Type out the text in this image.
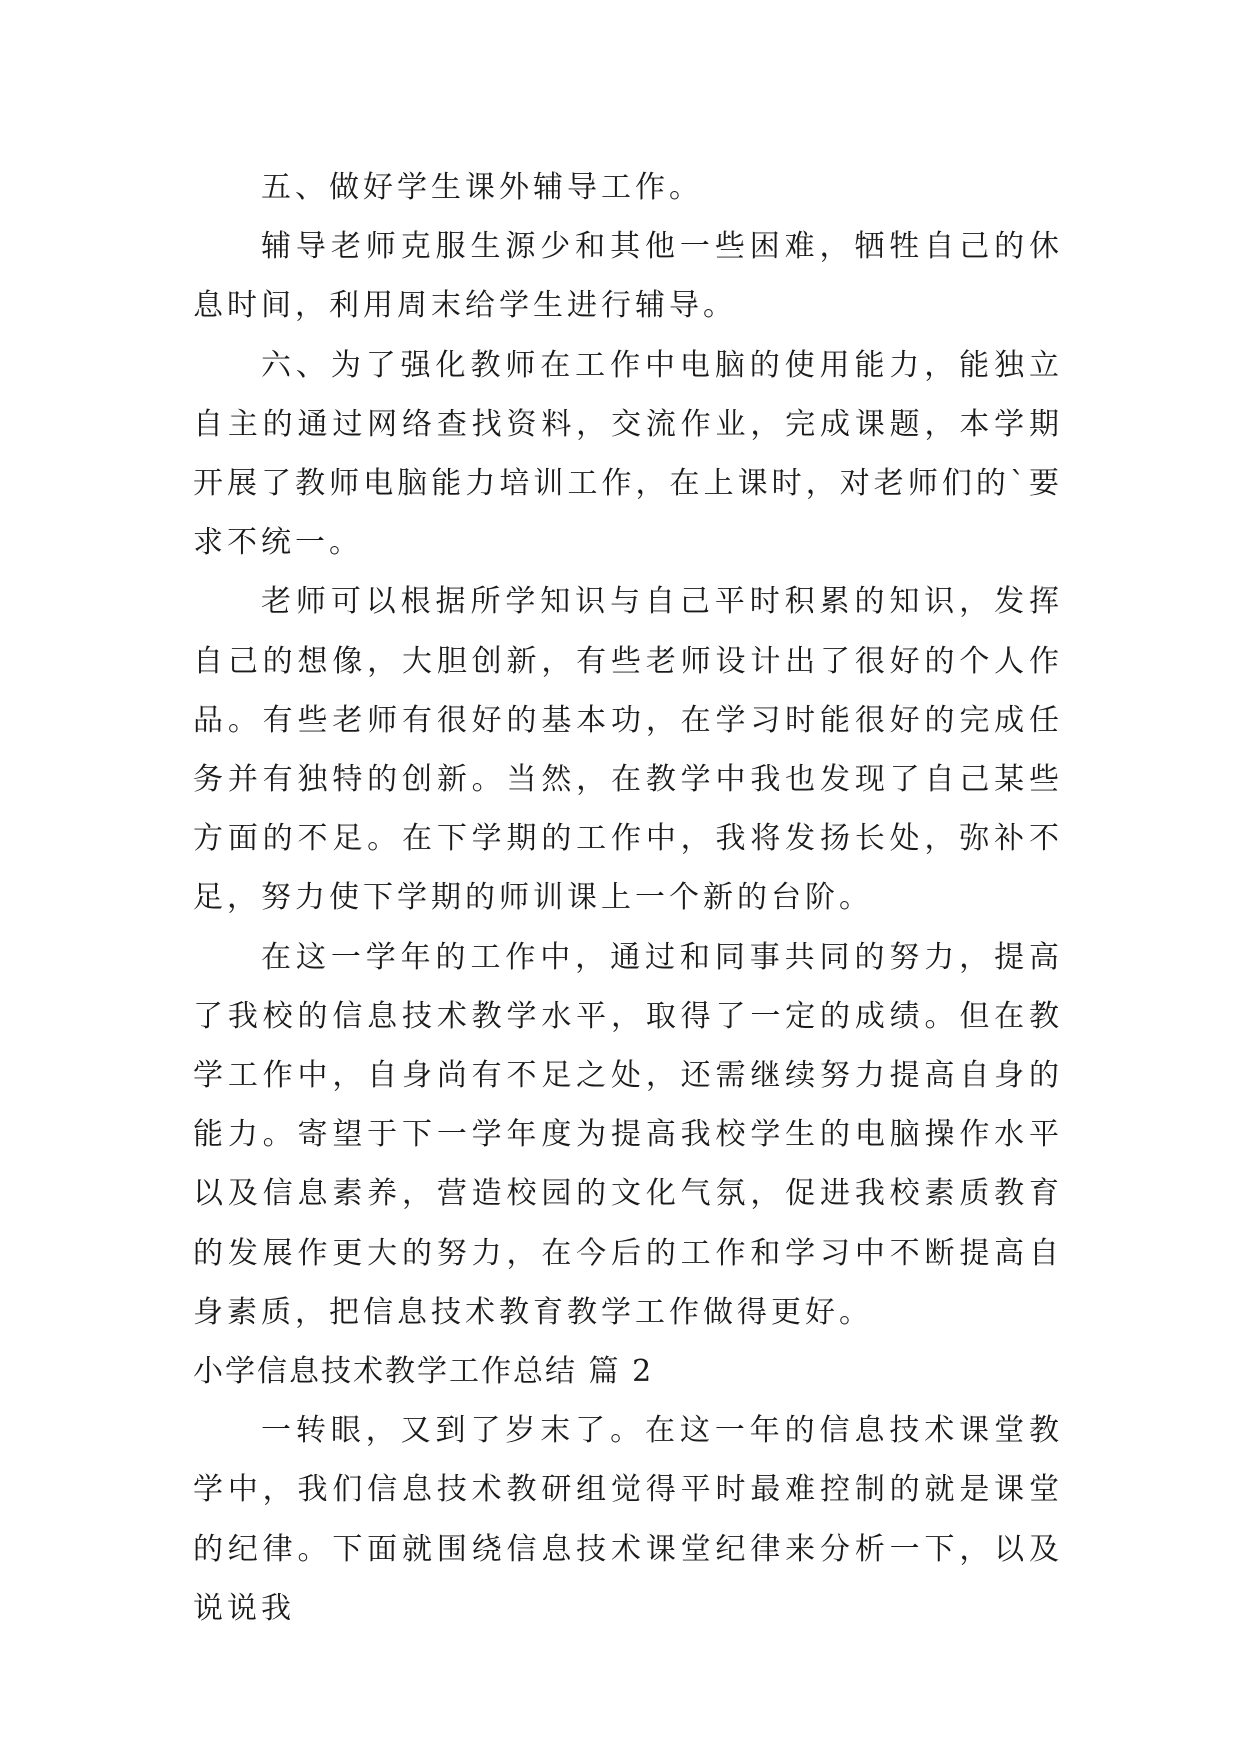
五、做好学生课外辅导工作。

辅导老师克服生源少和其他一些困难，牺牲自己的休息时间，利用周末给学生进行辅导。

六、为了强化教师在工作中电脑的使用能力，能独立自主的通过网络查找资料，交流作业，完成课题，本学期开展了教师电脑能力培训工作，在上课时，对老师们的`要求不统一。

老师可以根据所学知识与自己平时积累的知识，发挥自己的想像，大胆创新，有些老师设计出了很好的个人作品。有些老师有很好的基本功，在学习时能很好的完成任务并有独特的创新。当然，在教学中我也发现了自己某些方面的不足。在下学期的工作中，我将发扬长处，弥补不足，努力使下学期的师训课上一个新的台阶。

在这一学年的工作中，通过和同事共同的努力，提高了我校的信息技术教学水平，取得了一定的成绩。但在教学工作中，自身尚有不足之处，还需继续努力提高自身的能力。寄望于下一学年度为提高我校学生的电脑操作水平以及信息素养，营造校园的文化气氛，促进我校素质教育的发展作更大的努力，在今后的工作和学习中不断提高自身素质，把信息技术教育教学工作做得更好。

小学信息技术教学工作总结 篇 2

一转眼，又到了岁末了。在这一年的信息技术课堂教学中，我们信息技术教研组觉得平时最难控制的就是课堂的纪律。下面就围绕信息技术课堂纪律来分析一下，以及说说我
